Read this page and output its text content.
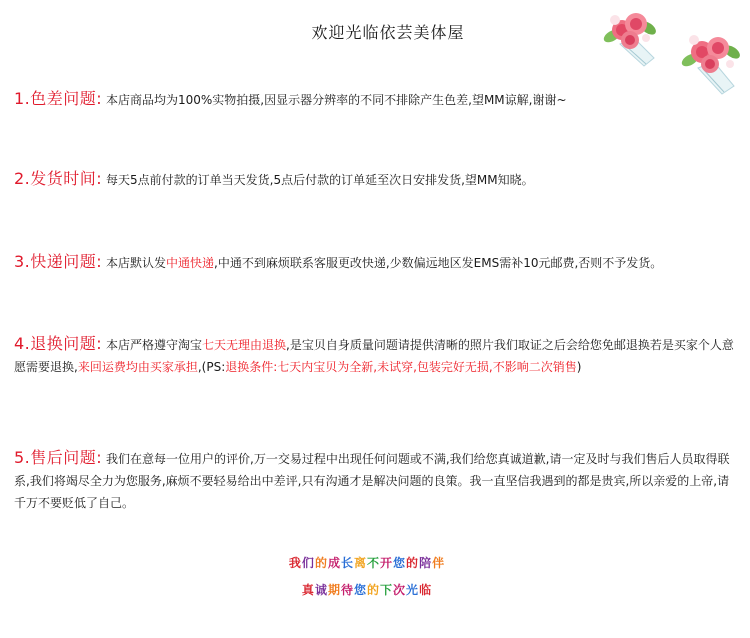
欢迎光临依芸美体屋
1.色差问题: 本店商品均为100%实物拍摄,因显示器分辨率的不同不排除产生色差,望MM谅解,谢谢~
2.发货时间: 每天5点前付款的订单当天发货,5点后付款的订单延至次日安排发货,望MM知晓。
3.快递问题: 本店默认发中通快递,中通不到麻烦联系客服更改快递,少数偏远地区发EMS需补10元邮费,否则不予发货。
4.退换问题: 本店严格遵守淘宝七天无理由退换,是宝贝自身质量问题请提供清晰的照片我们取证之后会给您免邮退换若是买家个人意愿需要退换,来回运费均由买家承担,(PS:退换条件:七天内宝贝为全新,未试穿,包装完好无损,不影响二次销售)
5.售后问题: 我们在意每一位用户的评价,万一交易过程中出现任何问题或不满,我们给您真诚道歉,请一定及时与我们售后人员取得联系,我们将竭尽全力为您服务,麻烦不要轻易给出中差评,只有沟通才是解决问题的良策。我一直坚信我遇到的都是贵宾,所以亲爱的上帝,请千万不要贬低了自己。
我们的成长离不开您的陪伴
真诚期待您的下次光临
